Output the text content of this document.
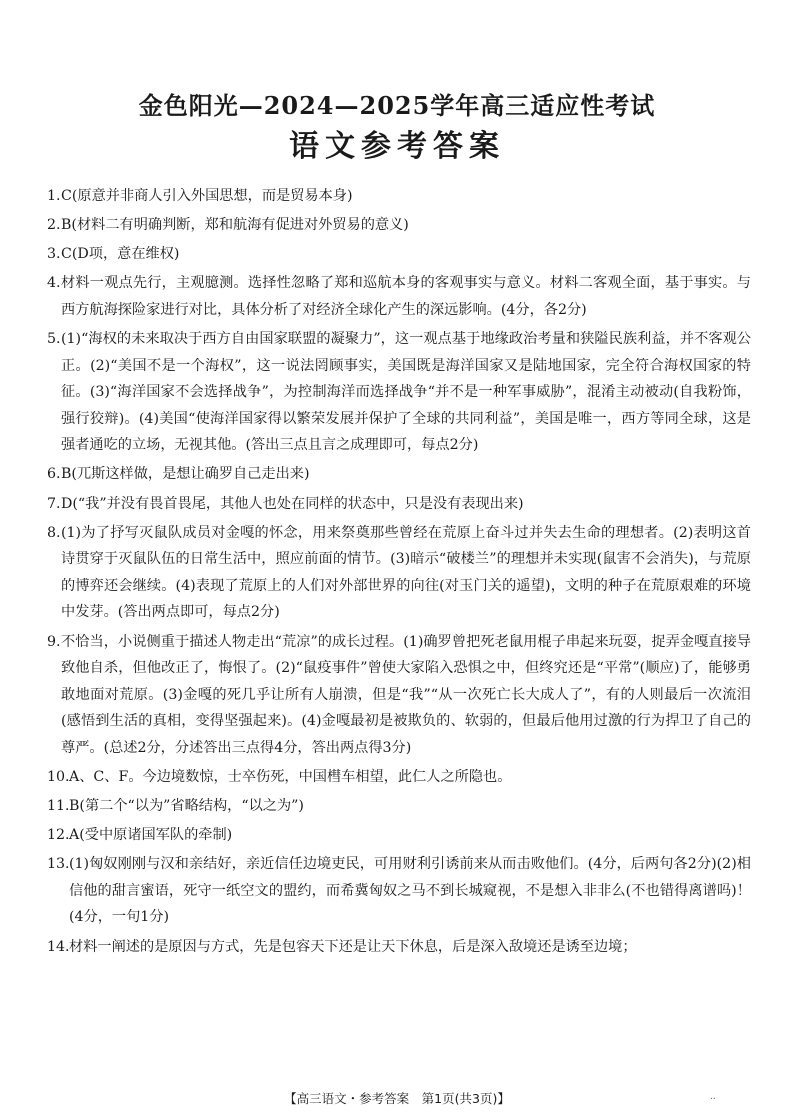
金色阳光—2024—2025学年高三适应性考试
语文参考答案

1. C(原意并非商人引入外国思想，而是贸易本身)

2. B(材料二有明确判断，郑和航海有促进对外贸易的意义)

3. C(D项，意在维权)

4. 材料一观点先行，主观臆测。选择性忽略了郑和巡航本身的客观事实与意义。材料二客观全面，基于事实。与西方航海探险家进行对比，具体分析了对经济全球化产生的深远影响。(4分，各2分)

5. (1)“海权的未来取决于西方自由国家联盟的凝聚力”，这一观点基于地缘政治考量和狭隘民族利益，并不客观公正。(2)“美国不是一个海权”，这一说法罔顾事实，美国既是海洋国家又是陆地国家，完全符合海权国家的特征。(3)“海洋国家不会选择战争”，为控制海洋而选择战争“并不是一种军事威胁”，混淆主动被动(自我粉饰，强行狡辩)。(4)美国“使海洋国家得以繁荣发展并保护了全球的共同利益”，美国是唯一，西方等同全球，这是强者通吃的立场，无视其他。(答出三点且言之成理即可，每点2分)

6. B(兀斯这样做，是想让确罗自己走出来)

7. D(“我”并没有畏首畏尾，其他人也处在同样的状态中，只是没有表现出来)

8. (1)为了抒写灭鼠队成员对金嘎的怀念，用来祭奠那些曾经在荒原上奋斗过并失去生命的理想者。(2)表明这首诗贯穿于灭鼠队伍的日常生活中，照应前面的情节。(3)暗示“破楼兰”的理想并未实现(鼠害不会消失)，与荒原的博弈还会继续。(4)表现了荒原上的人们对外部世界的向往(对玉门关的遥望)，文明的种子在荒原艰难的环境中发芽。(答出两点即可，每点2分)

9. 不恰当，小说侧重于描述人物走出“荒凉”的成长过程。(1)确罗曾把死老鼠用棍子串起来玩耍，捉弄金嘎直接导致他自杀，但他改正了，悔恨了。(2)“鼠疫事件”曾使大家陷入恐惧之中，但终究还是“平常”(顺应)了，能够勇敢地面对荒原。(3)金嘎的死几乎让所有人崩溃，但是“我”“从一次死亡长大成人了”，有的人则最后一次流泪(感悟到生活的真相，变得坚强起来)。(4)金嘎最初是被欺负的、软弱的，但最后他用过激的行为捍卫了自己的尊严。(总述2分，分述答出三点得4分，答出两点得3分)

10. A、C、F。今边境数惊，士卒伤死，中国槥车相望，此仁人之所隐也。

11. B(第二个“以为”省略结构，“以之为”)

12. A(受中原诸国军队的牵制)

13. (1)匈奴刚刚与汉和亲结好，亲近信任边境吏民，可用财利引诱前来从而击败他们。(4分，后两句各2分)(2)相信他的甜言蜜语，死守一纸空文的盟约，而希冀匈奴之马不到长城窥视，不是想入非非么(不也错得离谱吗)！(4分，一句1分)

14. 材料一阐述的是原因与方式，先是包容天下还是让天下休息，后是深入敌境还是诱至边境；

【高三语文・参考答案　第1页(共3页)】	..
